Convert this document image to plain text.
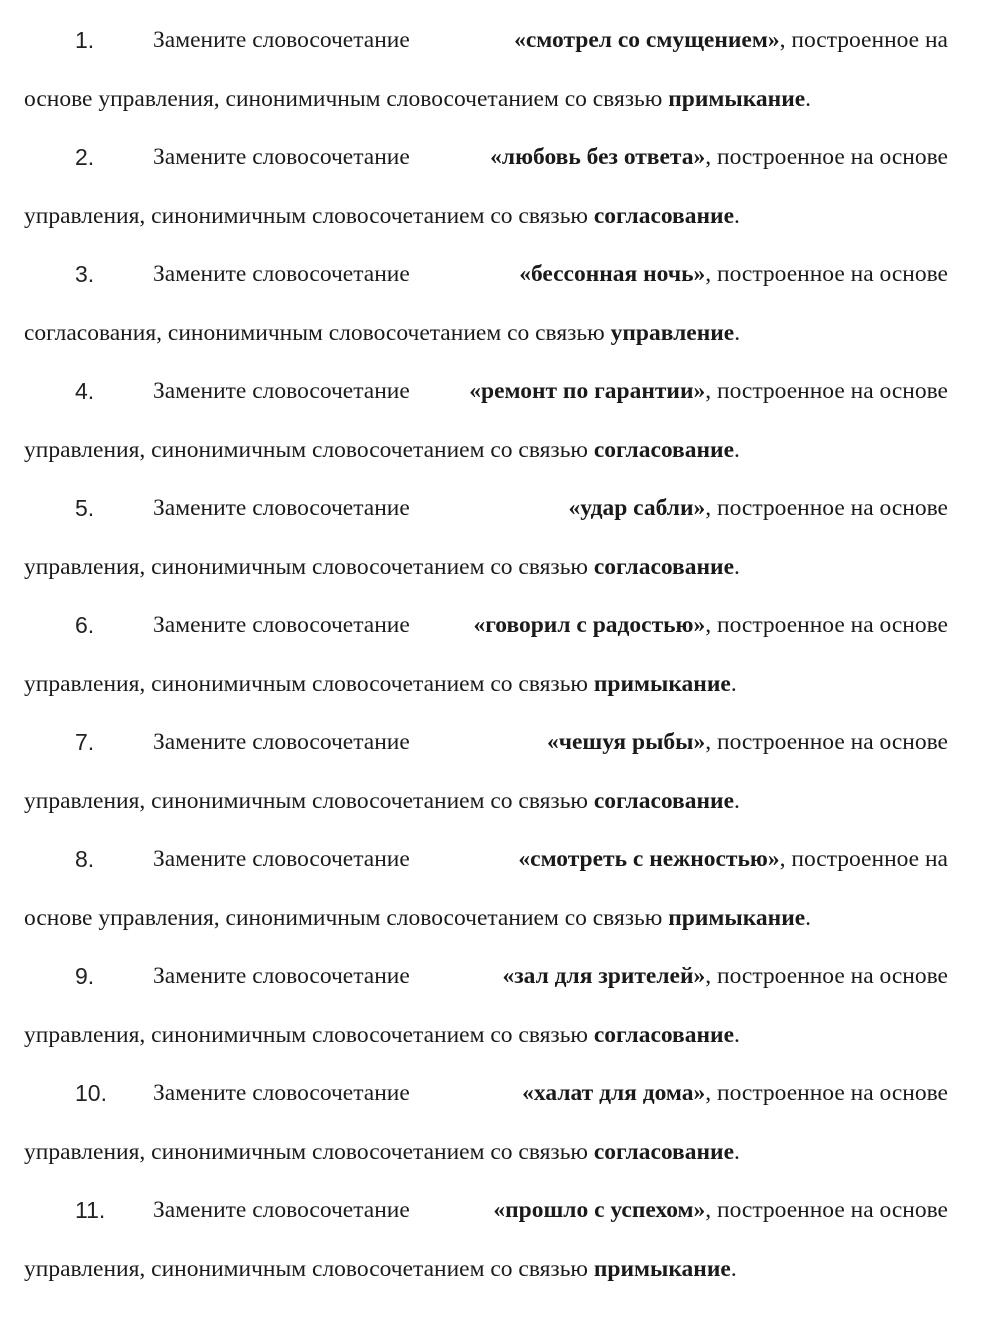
1.	Замените словосочетание	«смотрел со смущением», построенное на
основе управления, синонимичным словосочетанием со связью примыкание.
2.	Замените словосочетание	«любовь без ответа», построенное на основе
управления, синонимичным словосочетанием со связью согласование.
3.	Замените словосочетание	«бессонная ночь», построенное на основе
согласования, синонимичным словосочетанием со связью управление.
4.	Замените словосочетание	«ремонт по гарантии», построенное на основе
управления, синонимичным словосочетанием со связью согласование.
5.	Замените словосочетание	«удар сабли», построенное на основе
управления, синонимичным словосочетанием со связью согласование.
6.	Замените словосочетание	«говорил с радостью», построенное на основе
управления, синонимичным словосочетанием со связью примыкание.
7.	Замените словосочетание	«чешуя рыбы», построенное на основе
управления, синонимичным словосочетанием со связью согласование.
8.	Замените словосочетание	«смотреть с нежностью», построенное на
основе управления, синонимичным словосочетанием со связью примыкание.
9.	Замените словосочетание	«зал для зрителей», построенное на основе
управления, синонимичным словосочетанием со связью согласование.
10. Замените словосочетание	«халат для дома», построенное на основе
управления, синонимичным словосочетанием со связью согласование.
11. Замените словосочетание	«прошло с успехом», построенное на основе
управления, синонимичным словосочетанием со связью примыкание.
